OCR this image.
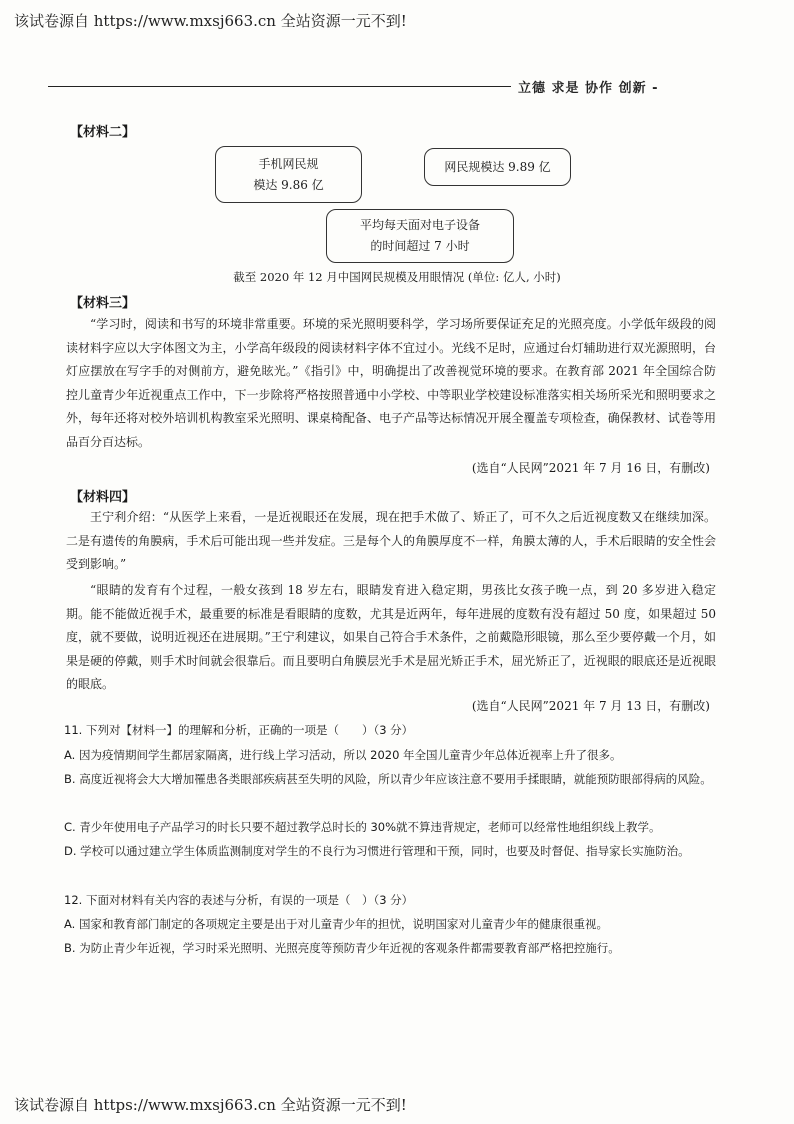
该试卷源自 https://www.mxsj663.cn 全站资源一元不到!
立德 求是 协作 创新 -
【材料二】
手机网民规
模达 9.86 亿
网民规模达 9.89 亿
平均每天面对电子设备
的时间超过 7 小时
截至 2020 年 12 月中国网民规模及用眼情况 (单位: 亿人, 小时)
【材料三】
“学习时，阅读和书写的环境非常重要。环境的采光照明要科学，学习场所要保证充足的光照亮度。小学低年级段的阅读材料字应以大字体图文为主，小学高年级段的阅读材料字体不宜过小。光线不足时，应通过台灯辅助进行双光源照明，台灯应摆放在写字手的对侧前方，避免眩光。”《指引》中，明确提出了改善视觉环境的要求。在教育部 2021 年全国综合防控儿童青少年近视重点工作中，下一步除将严格按照普通中小学校、中等职业学校建设标准落实相关场所采光和照明要求之外，每年还将对校外培训机构教室采光照明、课桌椅配备、电子产品等达标情况开展全覆盖专项检查，确保教材、试卷等用品百分百达标。
(选自“人民网”2021 年 7 月 16 日，有删改)
【材料四】
王宁利介绍：“从医学上来看，一是近视眼还在发展，现在把手术做了、矫正了，可不久之后近视度数又在继续加深。二是有遗传的角膜病，手术后可能出现一些并发症。三是每个人的角膜厚度不一样，角膜太薄的人，手术后眼睛的安全性会受到影响。”
“眼睛的发育有个过程，一般女孩到 18 岁左右，眼睛发育进入稳定期，男孩比女孩子晚一点，到 20 多岁进入稳定期。能不能做近视手术，最重要的标准是看眼睛的度数，尤其是近两年，每年进展的度数有没有超过 50 度，如果超过 50 度，就不要做，说明近视还在进展期。”王宁利建议，如果自己符合手术条件，之前戴隐形眼镜，那么至少要停戴一个月，如果是硬的停戴，则手术时间就会很靠后。而且要明白角膜层光手术是屈光矫正手术，屈光矫正了，近视眼的眼底还是近视眼的眼底。
(选自“人民网”2021 年 7 月 13 日，有删改)
11. 下列对【材料一】的理解和分析，正确的一项是（　　）（3 分）
A. 因为疫情期间学生都居家隔离，进行线上学习活动，所以 2020 年全国儿童青少年总体近视率上升了很多。
B. 高度近视将会大大增加罹患各类眼部疾病甚至失明的风险，所以青少年应该注意不要用手揉眼睛，就能预防眼部得病的风险。
C. 青少年使用电子产品学习的时长只要不超过教学总时长的 30%就不算违背规定，老师可以经常性地组织线上教学。
D. 学校可以通过建立学生体质监测制度对学生的不良行为习惯进行管理和干预，同时，也要及时督促、指导家长实施防治。
12. 下面对材料有关内容的表述与分析，有误的一项是（　）（3 分）
A. 国家和教育部门制定的各项规定主要是出于对儿童青少年的担忧，说明国家对儿童青少年的健康很重视。
B. 为防止青少年近视，学习时采光照明、光照亮度等预防青少年近视的客观条件都需要教育部严格把控施行。
该试卷源自 https://www.mxsj663.cn 全站资源一元不到!
